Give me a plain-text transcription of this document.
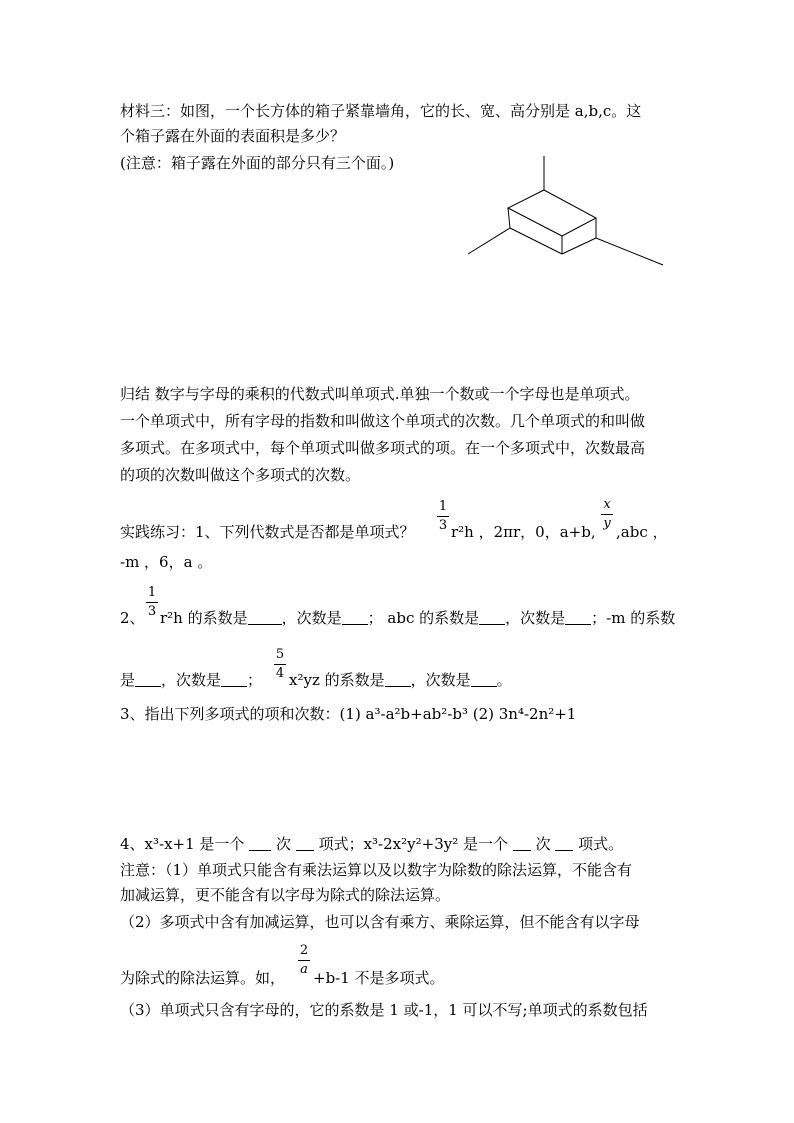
材料三：如图，一个长方体的箱子紧靠墙角，它的长、宽、高分别是 a,b,c。这
个箱子露在外面的表面积是多少？
(注意：箱子露在外面的部分只有三个面。)
归结 数字与字母的乘积的代数式叫单项式.单独一个数或一个字母也是单项式。
一个单项式中，所有字母的指数和叫做这个单项式的次数。几个单项式的和叫做
多项式。在多项式中，每个单项式叫做多项式的项。在一个多项式中，次数最高
的项的次数叫做这个多项式的次数。
实践练习：1、下列代数式是否都是单项式？
1
3 r²h ，2πr，0，a+b,
x
y ,abc ，
-m ，6，a 。
2、
1
3 r²h 的系数是 ，次数是 ； abc 的系数是 ，次数是 ；-m 的系数
是 ，次数是 ；
5
4 x²yz 的系数是 ，次数是 。
3、指出下列多项式的项和次数：(1) a³-a²b+ab²-b³ (2) 3n⁴-2n²+1
4、x³-x+1 是一个 次 项式；x³-2x²y²+3y² 是一个 次 项式。
注意：（1）单项式只能含有乘法运算以及以数字为除数的除法运算，不能含有
加减运算，更不能含有以字母为除式的除法运算。
（2）多项式中含有加减运算，也可以含有乘方、乘除运算，但不能含有以字母
为除式的除法运算。如，
2
a +b-1 不是多项式。
（3）单项式只含有字母的，它的系数是 1 或-1，1 可以不写;单项式的系数包括
